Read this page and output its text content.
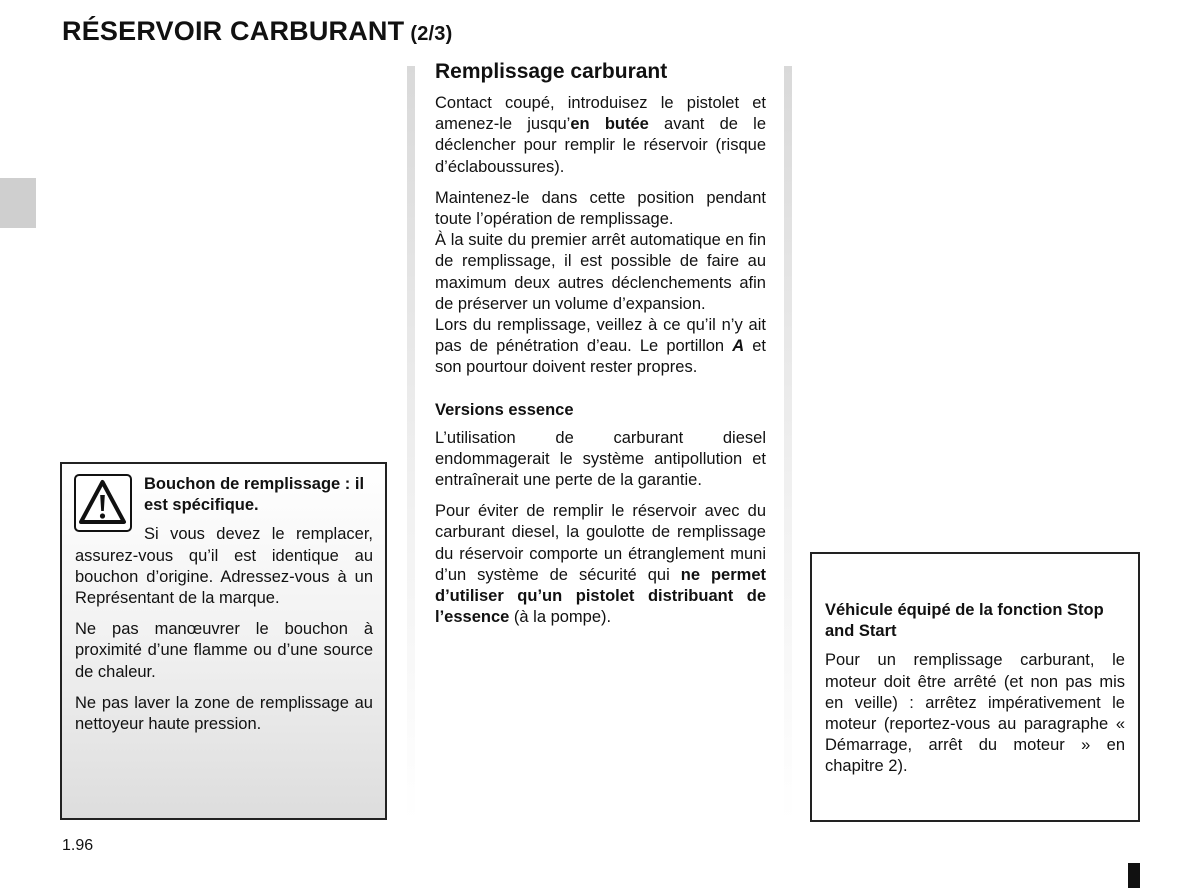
RÉSERVOIR CARBURANT (2/3)
Remplissage carburant

Contact coupé, introduisez le pistolet et amenez-le jusqu’en butée avant de le déclencher pour remplir le réservoir (risque d’éclaboussures).

Maintenez-le dans cette position pendant toute l’opération de remplissage.

À la suite du premier arrêt automatique en fin de remplissage, il est possible de faire au maximum deux autres déclenchements afin de préserver un volume d’expansion.

Lors du remplissage, veillez à ce qu’il n’y ait pas de pénétration d’eau. Le portillon A et son pourtour doivent rester propres.

Versions essence

L’utilisation de carburant diesel endommagerait le système antipollution et entraînerait une perte de la garantie.

Pour éviter de remplir le réservoir avec du carburant diesel, la goulotte de remplissage du réservoir comporte un étranglement muni d’un système de sécurité qui ne permet d’utiliser qu’un pistolet distribuant de l’essence (à la pompe).

Bouchon de remplissage : il est spécifique.

Si vous devez le remplacer, assurez-vous qu’il est identique au bouchon d’origine. Adressez-vous à un Représentant de la marque.

Ne pas manœuvrer le bouchon à proximité d’une flamme ou d’une source de chaleur.

Ne pas laver la zone de remplissage au nettoyeur haute pression.

Véhicule équipé de la fonction Stop and Start

Pour un remplissage carburant, le moteur doit être arrêté (et non pas mis en veille) : arrêtez impérativement le moteur (reportez-vous au paragraphe « Démarrage, arrêt du moteur » en chapitre 2).

1.96
